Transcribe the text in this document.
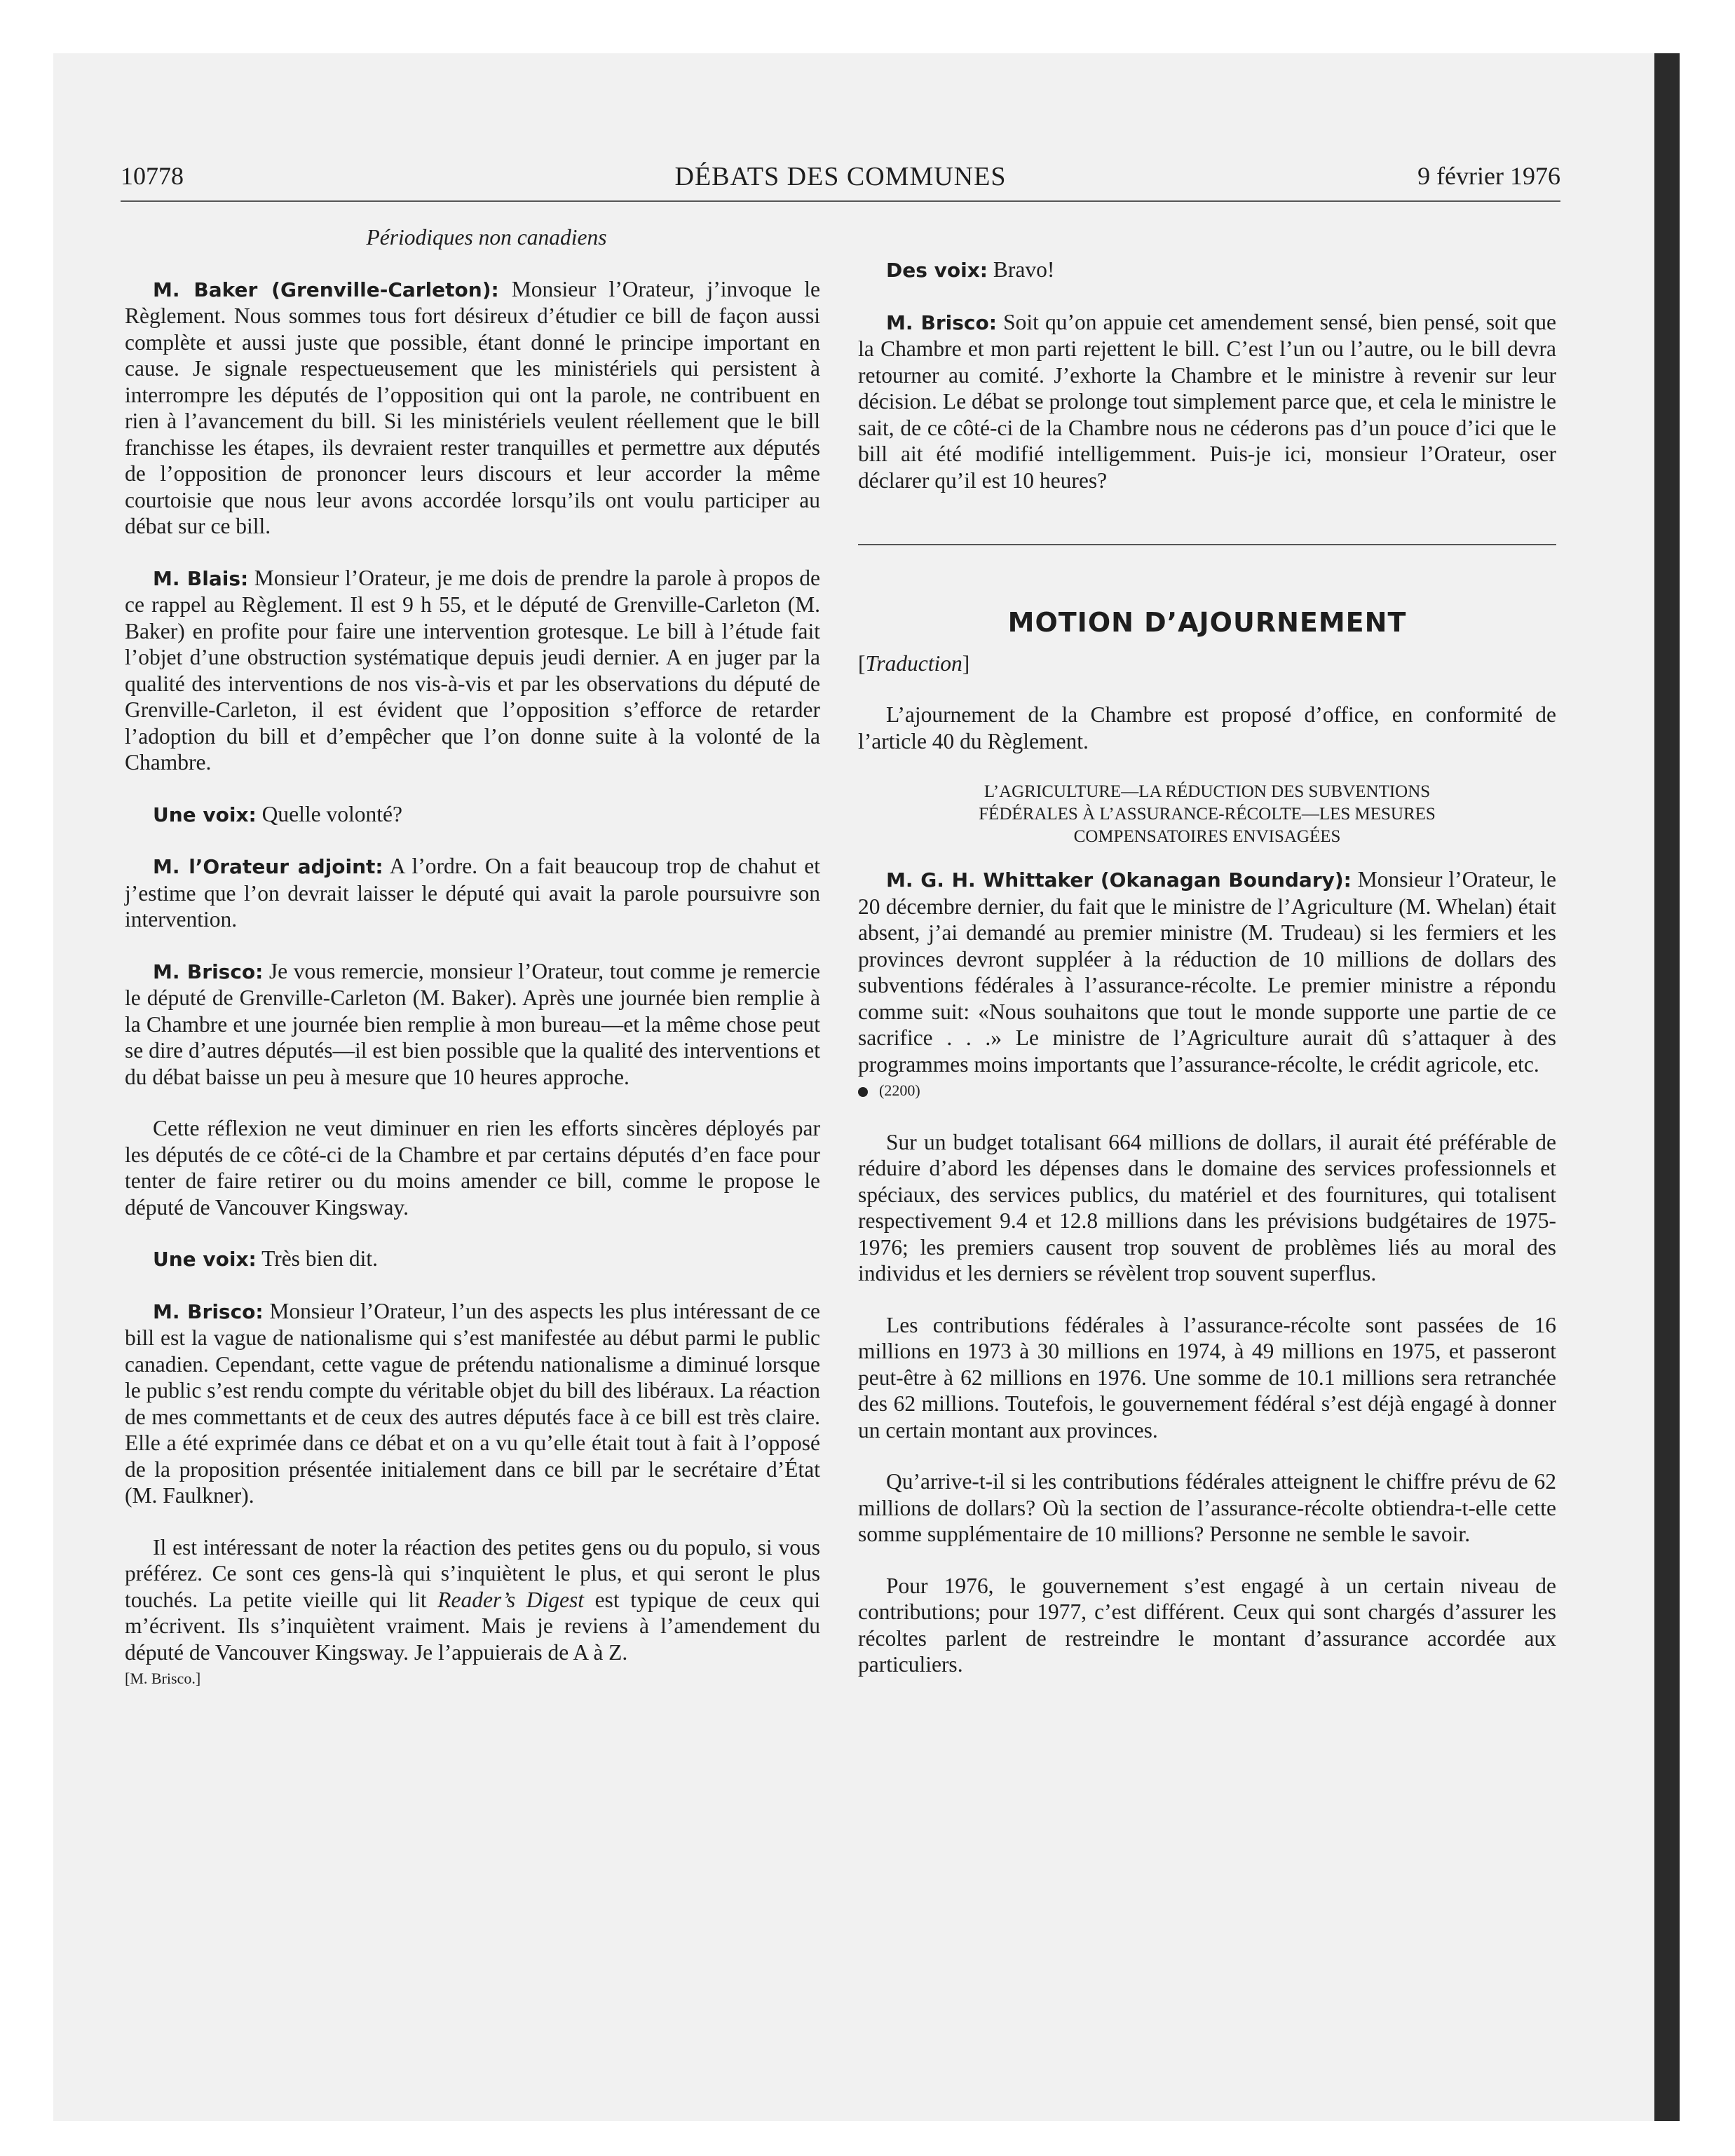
10778	DÉBATS DES COMMUNES	9 février 1976

Périodiques non canadiens

M. Baker (Grenville-Carleton): Monsieur l’Orateur, j’invoque le Règlement. Nous sommes tous fort désireux d’étudier ce bill de façon aussi complète et aussi juste que possible, étant donné le principe important en cause. Je signale respectueusement que les ministériels qui persistent à interrompre les députés de l’opposition qui ont la parole, ne contribuent en rien à l’avancement du bill. Si les ministériels veulent réellement que le bill franchisse les étapes, ils devraient rester tranquilles et permettre aux députés de l’opposition de prononcer leurs discours et leur accorder la même courtoisie que nous leur avons accordée lorsqu’ils ont voulu participer au débat sur ce bill.

M. Blais: Monsieur l’Orateur, je me dois de prendre la parole à propos de ce rappel au Règlement. Il est 9 h 55, et le député de Grenville-Carleton (M. Baker) en profite pour faire une intervention grotesque. Le bill à l’étude fait l’objet d’une obstruction systématique depuis jeudi dernier. A en juger par la qualité des interventions de nos vis-à-vis et par les observations du député de Grenville-Carleton, il est évident que l’opposition s’efforce de retarder l’adoption du bill et d’empêcher que l’on donne suite à la volonté de la Chambre.

Une voix: Quelle volonté?

M. l’Orateur adjoint: A l’ordre. On a fait beaucoup trop de chahut et j’estime que l’on devrait laisser le député qui avait la parole poursuivre son intervention.

M. Brisco: Je vous remercie, monsieur l’Orateur, tout comme je remercie le député de Grenville-Carleton (M. Baker). Après une journée bien remplie à la Chambre et une journée bien remplie à mon bureau—et la même chose peut se dire d’autres députés—il est bien possible que la qualité des interventions et du débat baisse un peu à mesure que 10 heures approche.

Cette réflexion ne veut diminuer en rien les efforts sincères déployés par les députés de ce côté-ci de la Chambre et par certains députés d’en face pour tenter de faire retirer ou du moins amender ce bill, comme le propose le député de Vancouver Kingsway.

Une voix: Très bien dit.

M. Brisco: Monsieur l’Orateur, l’un des aspects les plus intéressant de ce bill est la vague de nationalisme qui s’est manifestée au début parmi le public canadien. Cependant, cette vague de prétendu nationalisme a diminué lorsque le public s’est rendu compte du véritable objet du bill des libéraux. La réaction de mes commettants et de ceux des autres députés face à ce bill est très claire. Elle a été exprimée dans ce débat et on a vu qu’elle était tout à fait à l’opposé de la proposition présentée initialement dans ce bill par le secrétaire d’État (M. Faulkner).

Il est intéressant de noter la réaction des petites gens ou du populo, si vous préférez. Ce sont ces gens-là qui s’inquiètent le plus, et qui seront le plus touchés. La petite vieille qui lit Reader’s Digest est typique de ceux qui m’écrivent. Ils s’inquiètent vraiment. Mais je reviens à l’amendement du député de Vancouver Kingsway. Je l’appuierais de A à Z.

[M. Brisco.]

Des voix: Bravo!

M. Brisco: Soit qu’on appuie cet amendement sensé, bien pensé, soit que la Chambre et mon parti rejettent le bill. C’est l’un ou l’autre, ou le bill devra retourner au comité. J’exhorte la Chambre et le ministre à revenir sur leur décision. Le débat se prolonge tout simplement parce que, et cela le ministre le sait, de ce côté-ci de la Chambre nous ne céderons pas d’un pouce d’ici que le bill ait été modifié intelligemment. Puis-je ici, monsieur l’Orateur, oser déclarer qu’il est 10 heures?

MOTION D’AJOURNEMENT

[Traduction]

L’ajournement de la Chambre est proposé d’office, en conformité de l’article 40 du Règlement.

L’AGRICULTURE—LA RÉDUCTION DES SUBVENTIONS
FÉDÉRALES À L’ASSURANCE-RÉCOLTE—LES MESURES
COMPENSATOIRES ENVISAGÉES

M. G. H. Whittaker (Okanagan Boundary): Monsieur l’Orateur, le 20 décembre dernier, du fait que le ministre de l’Agriculture (M. Whelan) était absent, j’ai demandé au premier ministre (M. Trudeau) si les fermiers et les provinces devront suppléer à la réduction de 10 millions de dollars des subventions fédérales à l’assurance-récolte. Le premier ministre a répondu comme suit: «Nous souhaitons que tout le monde supporte une partie de ce sacrifice . . .» Le ministre de l’Agriculture aurait dû s’attaquer à des programmes moins importants que l’assurance-récolte, le crédit agricole, etc.

(2200)

Sur un budget totalisant 664 millions de dollars, il aurait été préférable de réduire d’abord les dépenses dans le domaine des services professionnels et spéciaux, des services publics, du matériel et des fournitures, qui totalisent respectivement 9.4 et 12.8 millions dans les prévisions budgétaires de 1975-1976; les premiers causent trop souvent de problèmes liés au moral des individus et les derniers se révèlent trop souvent superflus.

Les contributions fédérales à l’assurance-récolte sont passées de 16 millions en 1973 à 30 millions en 1974, à 49 millions en 1975, et passeront peut-être à 62 millions en 1976. Une somme de 10.1 millions sera retranchée des 62 millions. Toutefois, le gouvernement fédéral s’est déjà engagé à donner un certain montant aux provinces.

Qu’arrive-t-il si les contributions fédérales atteignent le chiffre prévu de 62 millions de dollars? Où la section de l’assurance-récolte obtiendra-t-elle cette somme supplémentaire de 10 millions? Personne ne semble le savoir.

Pour 1976, le gouvernement s’est engagé à un certain niveau de contributions; pour 1977, c’est différent. Ceux qui sont chargés d’assurer les récoltes parlent de restreindre le montant d’assurance accordée aux particuliers.
